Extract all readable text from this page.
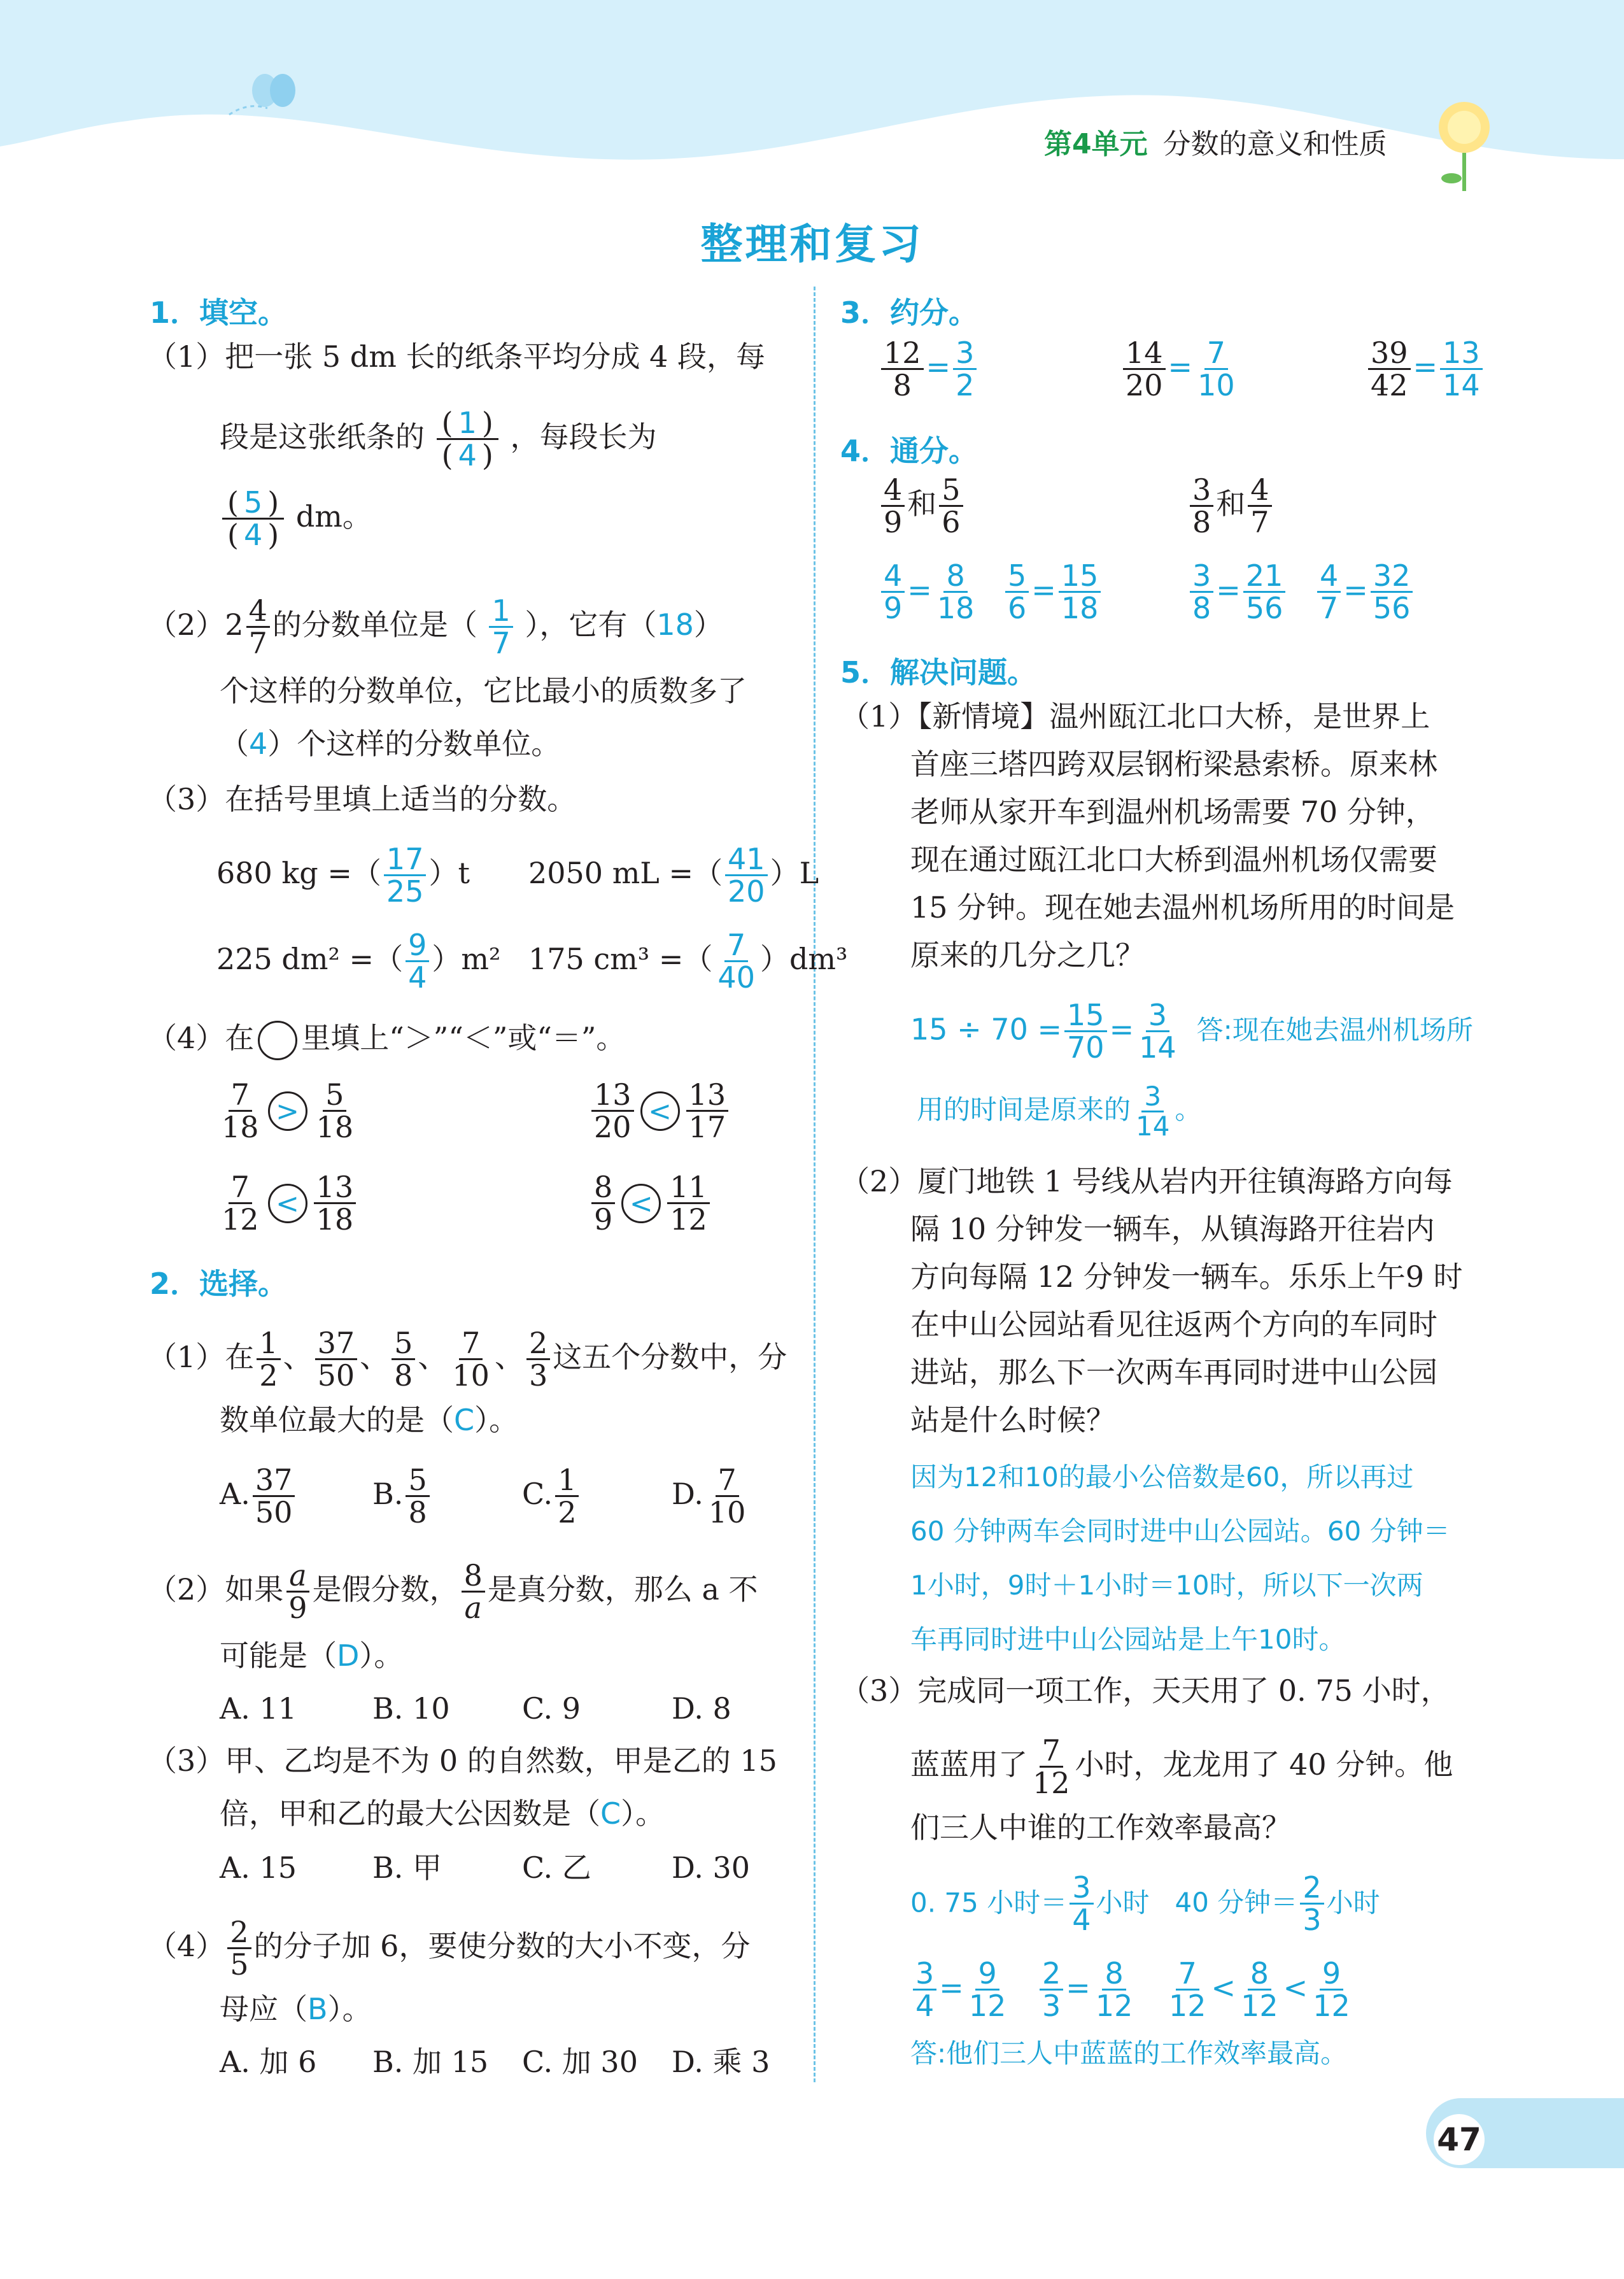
第4单元 分数的意义和性质
整理和复习
1．填空。
（1）把一张 5 dm 长的纸条平均分成 4 段，每
段是这张纸条的 $\frac{( 1 )}{( 4 )}$ ，每段长为
$\frac{( 5 )}{( 4 )}$ dm。
$(2)2 \frac{4}{7}$ 的分数单位是（ $\frac{1}{7}$ ），它有（18）
个这样的分数单位，它比最小的质数多了
（4）个这样的分数单位。
（3）在括号里填上适当的分数。
680 kg =（ $\frac{17}{25} )t$ 2050 mL =（ $\frac{41}{20} )L$
225 dm² =（ $\frac{9}{4} )m^2$ 175 cm³ =（ $\frac{7}{40} )dm^3$
（4）在 里填上“＞”“＜”或“＝”。
$\frac{7}{18} > \frac{5}{18}$	$\frac{13}{20} < \frac{13}{17}$
$\frac{7}{12} < \frac{13}{18}$	$\frac{8}{9} < \frac{11}{12}$
2．选择。
（1）在 $\frac{1}{2}$ 、 $\frac{37}{50}$ 、 $\frac{5}{8}$ 、 $\frac{7}{10}$ 、 $\frac{2}{3}$ 这五个分数中，分
数单位最大的是（C）。
A. $\frac{37}{50}$	B. $\frac{5}{8}$	C. $\frac{1}{2}$	D. $\frac{7}{10}$
（2）如果 $\frac{a}{9}$ 是假分数， $\frac{8}{a}$ 是真分数，那么 a 不
可能是（D）。
A. 11	B. 10 C. 9	D. 8
（3）甲、乙均是不为 0 的自然数，甲是乙的 15
倍，甲和乙的最大公因数是（C）。
A. 15	B. 甲	C. 乙	D. 30
$(4) \frac{2}{5}$ 的分子加 6，要使分数的大小不变，分
母应（B）。
A. 加 6 B. 加 15 C. 加 30 D. 乘 3
3．约分。
$\frac{12}{8} = \frac{3}{2}$	$\frac{14}{20} = \frac{7}{10}$	$\frac{39}{42} = \frac{13}{14}$
4．通分。
$\frac{4}{9}$ 和 $\frac{5}{6}$	$\frac{3}{8}$ 和 $\frac{4}{7}$
$\frac{4}{9} = \frac{8}{18} \frac{5}{6} = \frac{15}{18}$	$\frac{3}{8} = \frac{21}{56} \frac{4}{7} = \frac{32}{56}$
5．解决问题。
（1）【新情境】温州瓯江北口大桥，是世界上
首座三塔四跨双层钢桁梁悬索桥。原来林
老师从家开车到温州机场需要 70 分钟，
现在通过瓯江北口大桥到温州机场仅需要
15 分钟。现在她去温州机场所用的时间是
原来的几分之几？
$15 \div 70 = \frac{15}{70} = \frac{3}{14}$ 答:现在她去温州机场所
用的时间是原来的 $\frac{3}{14}$ 。
（2）厦门地铁 1 号线从岩内开往镇海路方向每
隔 10 分钟发一辆车，从镇海路开往岩内
方向每隔 12 分钟发一辆车。乐乐上午9 时
在中山公园站看见往返两个方向的车同时
进站，那么下一次两车再同时进中山公园
站是什么时候？
因为12和10的最小公倍数是60，所以再过
60 分钟两车会同时进中山公园站。60 分钟＝
1小时，9时＋1小时＝10时，所以下一次两
车再同时进中山公园站是上午10时。
（3）完成同一项工作，天天用了 0. 75 小时，
蓝蓝用了 $\frac{7}{12}$ 小时，龙龙用了 40 分钟。他
们三人中谁的工作效率最高？
0. 75 小时＝ $\frac{3}{4}$ 小时 40 分钟＝ $\frac{2}{3}$ 小时
$\frac{3}{4} = \frac{9}{12}$
$\frac{2}{3} = \frac{8}{12}$
$\frac{7}{12} < \frac{8}{12} < \frac{9}{12}$
答:他们三人中蓝蓝的工作效率最高。
47
